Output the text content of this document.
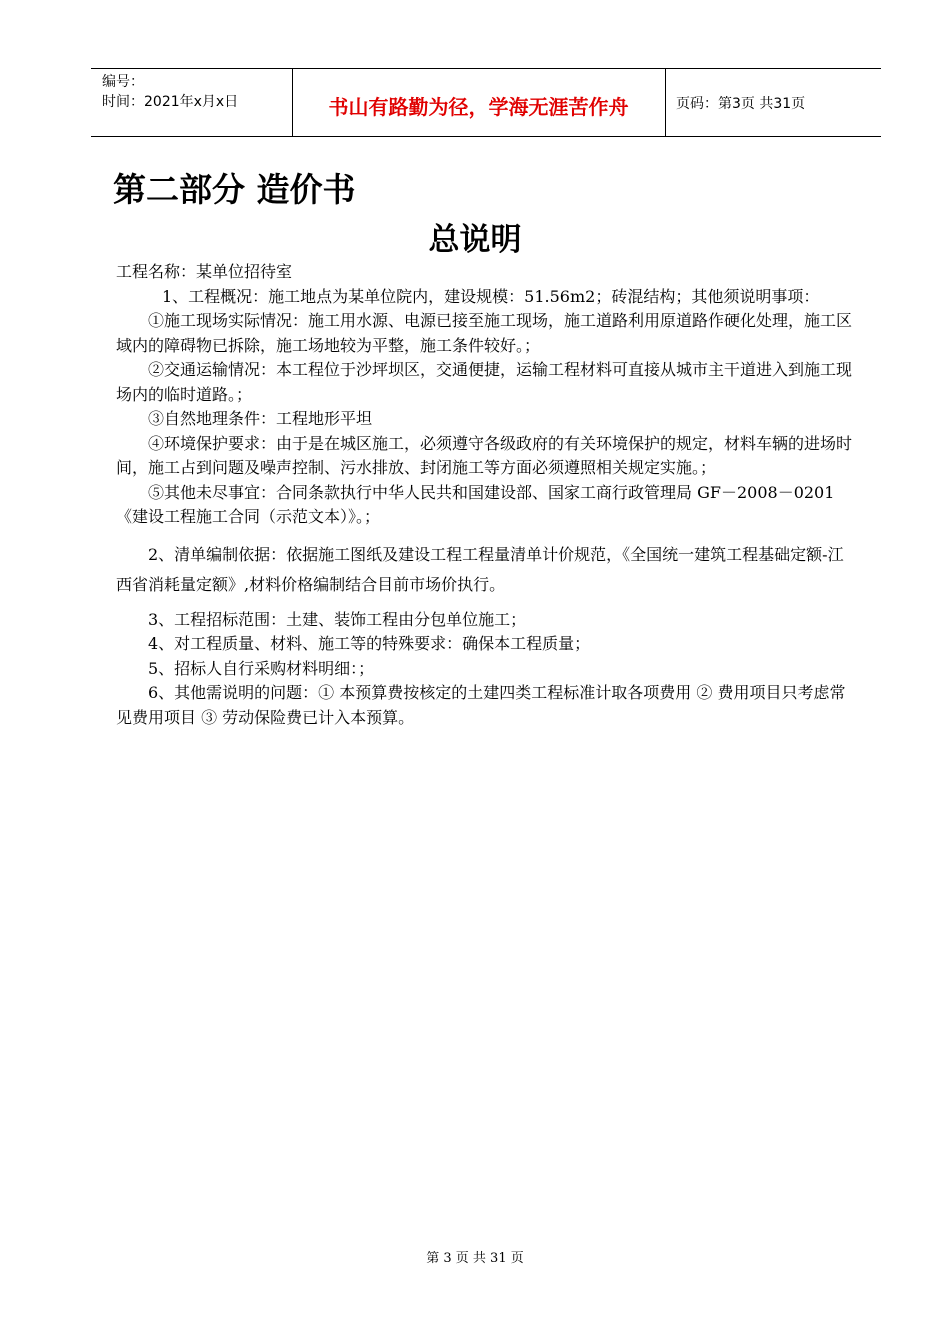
编号：
时间：2021年x月x日	书山有路勤为径，学海无涯苦作舟	页码：第3页 共31页
第二部分 造价书
总说明

工程名称：某单位招待室

1、工程概况：施工地点为某单位院内，建设规模：51.56m2；砖混结构；其他须说明事项：

①施工现场实际情况：施工用水源、电源已接至施工现场，施工道路利用原道路作硬化处理，施工区域内的障碍物已拆除，施工场地较为平整，施工条件较好。；

②交通运输情况：本工程位于沙坪坝区，交通便捷，运输工程材料可直接从城市主干道进入到施工现场内的临时道路。；

③自然地理条件：工程地形平坦

④环境保护要求：由于是在城区施工，必须遵守各级政府的有关环境保护的规定，材料车辆的进场时间，施工占到问题及噪声控制、污水排放、封闭施工等方面必须遵照相关规定实施。；

⑤其他未尽事宜：合同条款执行中华人民共和国建设部、国家工商行政管理局 GF－2008－0201《建设工程施工合同（示范文本）》。；

2、清单编制依据：依据施工图纸及建设工程工程量清单计价规范，《全国统一建筑工程基础定额-江西省消耗量定额》,材料价格编制结合目前市场价执行。

3、工程招标范围：土建、装饰工程由分包单位施工；

4、对工程质量、材料、施工等的特殊要求：确保本工程质量；

5、招标人自行采购材料明细：；

6、其他需说明的问题：① 本预算费按核定的土建四类工程标准计取各项费用 ② 费用项目只考虑常见费用项目 ③ 劳动保险费已计入本预算。

第 3 页 共 31 页
